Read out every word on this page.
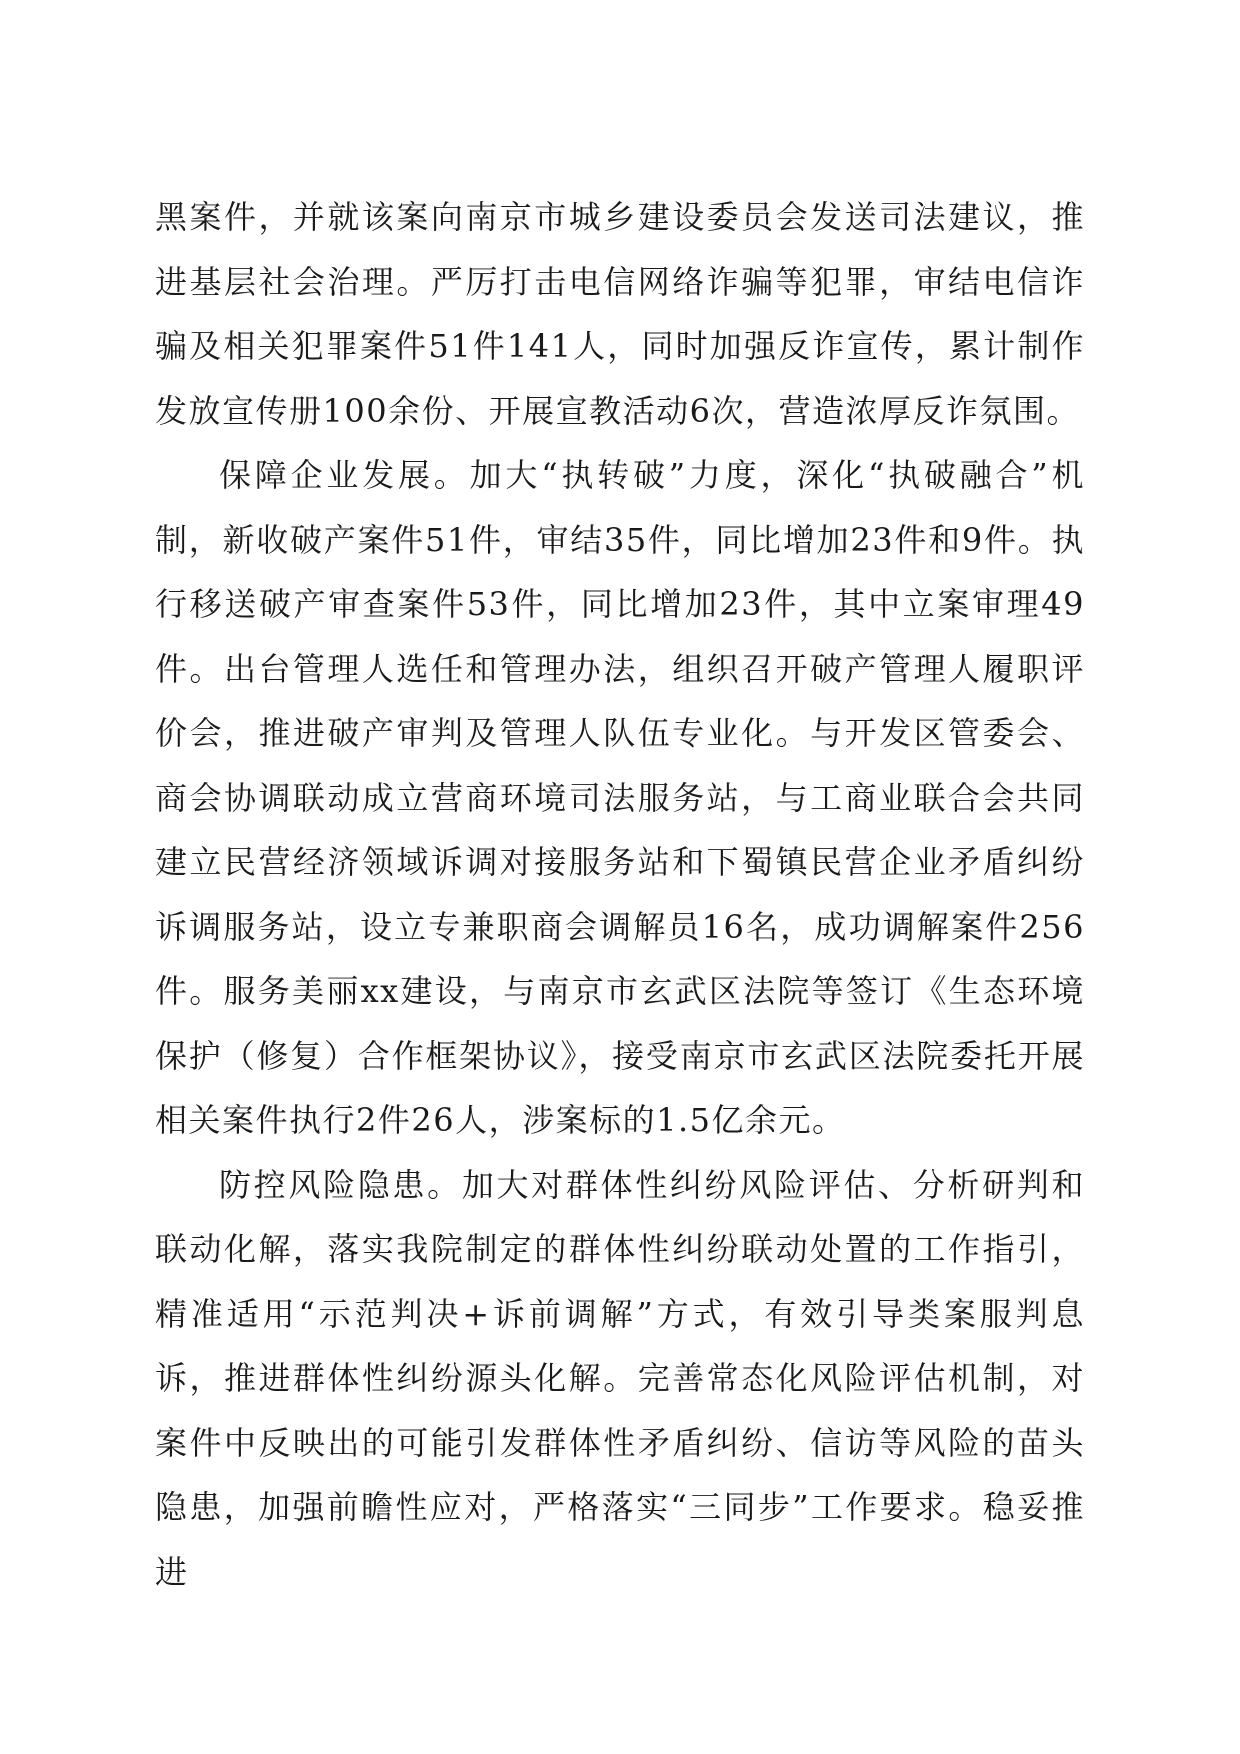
黑案件，并就该案向南京市城乡建设委员会发送司法建议，推进基层社会治理。严厉打击电信网络诈骗等犯罪，审结电信诈骗及相关犯罪案件51件141人，同时加强反诈宣传，累计制作发放宣传册100余份、开展宣教活动6次，营造浓厚反诈氛围。

保障企业发展。加大“执转破”力度，深化“执破融合”机制，新收破产案件51件，审结35件，同比增加23件和9件。执行移送破产审查案件53件，同比增加23件，其中立案审理49件。出台管理人选任和管理办法，组织召开破产管理人履职评价会，推进破产审判及管理人队伍专业化。与开发区管委会、商会协调联动成立营商环境司法服务站，与工商业联合会共同建立民营经济领域诉调对接服务站和下蜀镇民营企业矛盾纠纷诉调服务站，设立专兼职商会调解员16名，成功调解案件256件。服务美丽xx建设，与南京市玄武区法院等签订《生态环境保护（修复）合作框架协议》，接受南京市玄武区法院委托开展相关案件执行2件26人，涉案标的1.5亿余元。

防控风险隐患。加大对群体性纠纷风险评估、分析研判和联动化解，落实我院制定的群体性纠纷联动处置的工作指引，精准适用“示范判决+诉前调解”方式，有效引导类案服判息诉，推进群体性纠纷源头化解。完善常态化风险评估机制，对案件中反映出的可能引发群体性矛盾纠纷、信访等风险的苗头隐患，加强前瞻性应对，严格落实“三同步”工作要求。稳妥推进
